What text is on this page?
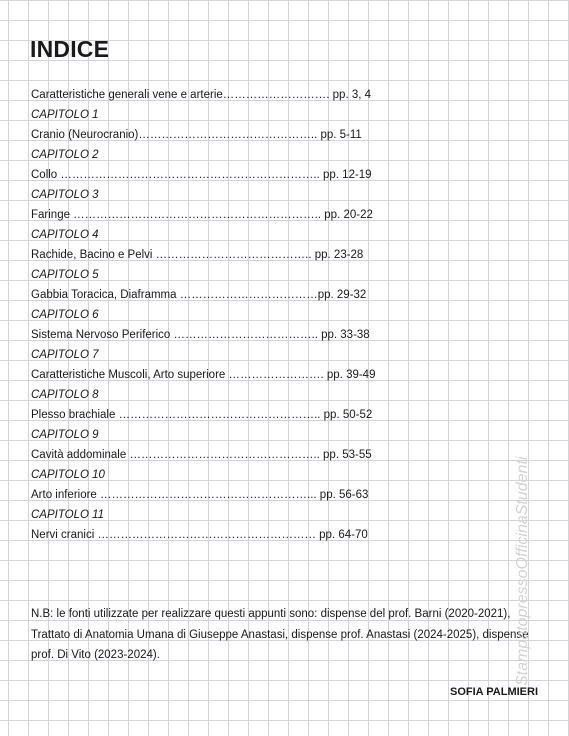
INDICE
Caratteristiche generali vene e arterie………………………. pp. 3, 4
CAPITOLO 1
Cranio (Neurocranio)……………………………………….. pp. 5-11
CAPITOLO 2
Collo ………………………………………………………….. pp. 12-19
CAPITOLO 3
Faringe ……………………………………………………….. pp. 20-22
CAPITOLO 4
Rachide, Bacino e Pelvi ………………………………….. pp. 23-28
CAPITOLO 5
Gabbia Toracica, Diaframma ………………………………pp. 29-32
CAPITOLO 6
Sistema Nervoso Periferico ……………………………….. pp. 33-38
CAPITOLO 7
Caratteristiche Muscoli, Arto superiore ……………………. pp. 39-49
CAPITOLO 8
Plesso brachiale …………………………………………….. pp. 50-52
CAPITOLO 9
Cavità addominale ………………………………………….. pp. 53-55
CAPITOLO 10
Arto inferiore ………………………………………………... pp. 56-63
CAPITOLO 11
Nervi cranici ………………………………………………… pp. 64-70

N.B: le fonti utilizzate per realizzare questi appunti sono: dispense del prof. Barni (2020-2021), Trattato di Anatomia Umana di Giuseppe Anastasi, dispense prof. Anastasi (2024-2025), dispense prof. Di Vito (2023-2024).

SOFIA PALMIERI

StampatopressoOfficinaStudenti
